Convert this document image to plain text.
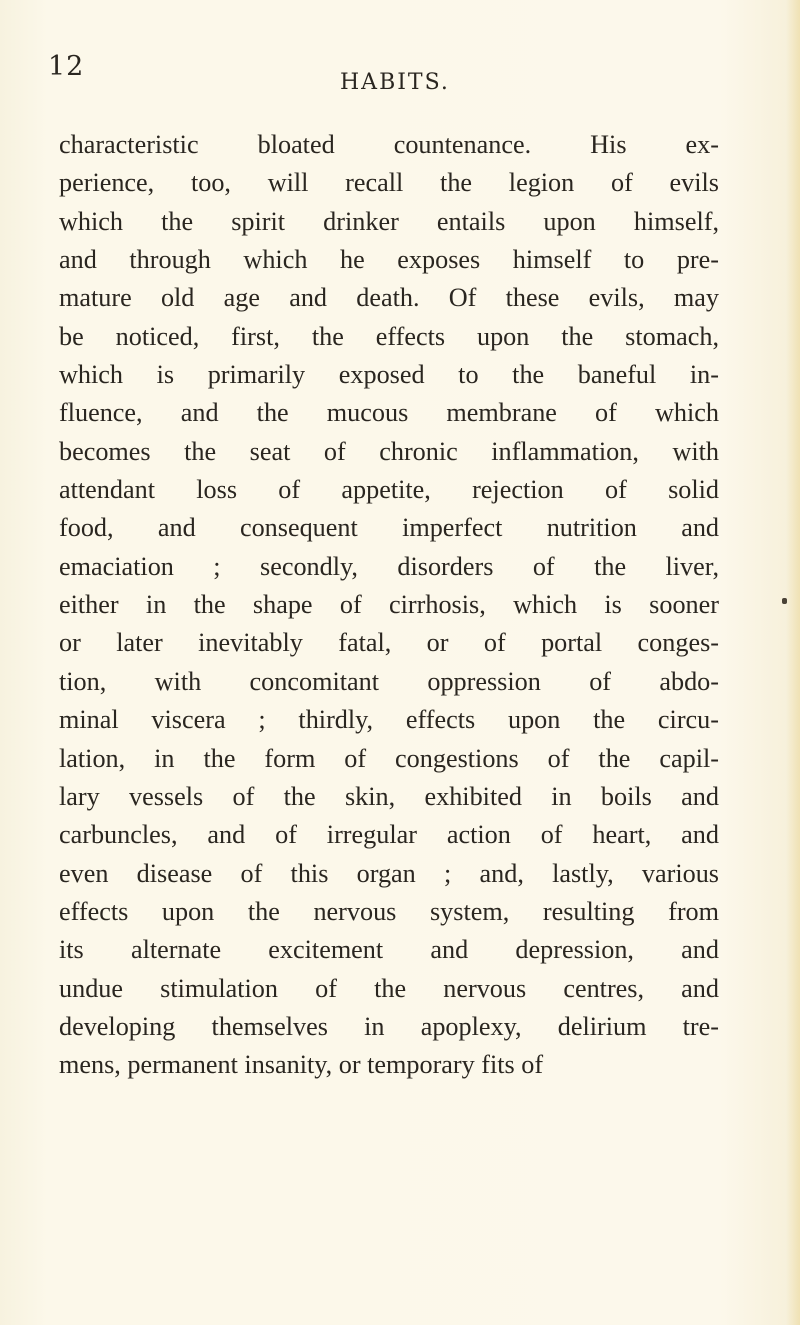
12
HABITS.
characteristic bloated countenance. His ex-
perience, too, will recall the legion of evils
which the spirit drinker entails upon himself,
and through which he exposes himself to pre-
mature old age and death. Of these evils, may
be noticed, first, the effects upon the stomach,
which is primarily exposed to the baneful in-
fluence, and the mucous membrane of which
becomes the seat of chronic inflammation, with
attendant loss of appetite, rejection of solid
food, and consequent imperfect nutrition and
emaciation ; secondly, disorders of the liver,
either in the shape of cirrhosis, which is sooner
or later inevitably fatal, or of portal conges-
tion, with concomitant oppression of abdo-
minal viscera ; thirdly, effects upon the circu-
lation, in the form of congestions of the capil-
lary vessels of the skin, exhibited in boils and
carbuncles, and of irregular action of heart, and
even disease of this organ ; and, lastly, various
effects upon the nervous system, resulting from
its alternate excitement and depression, and
undue stimulation of the nervous centres, and
developing themselves in apoplexy, delirium tre-
mens, permanent insanity, or temporary fits of
